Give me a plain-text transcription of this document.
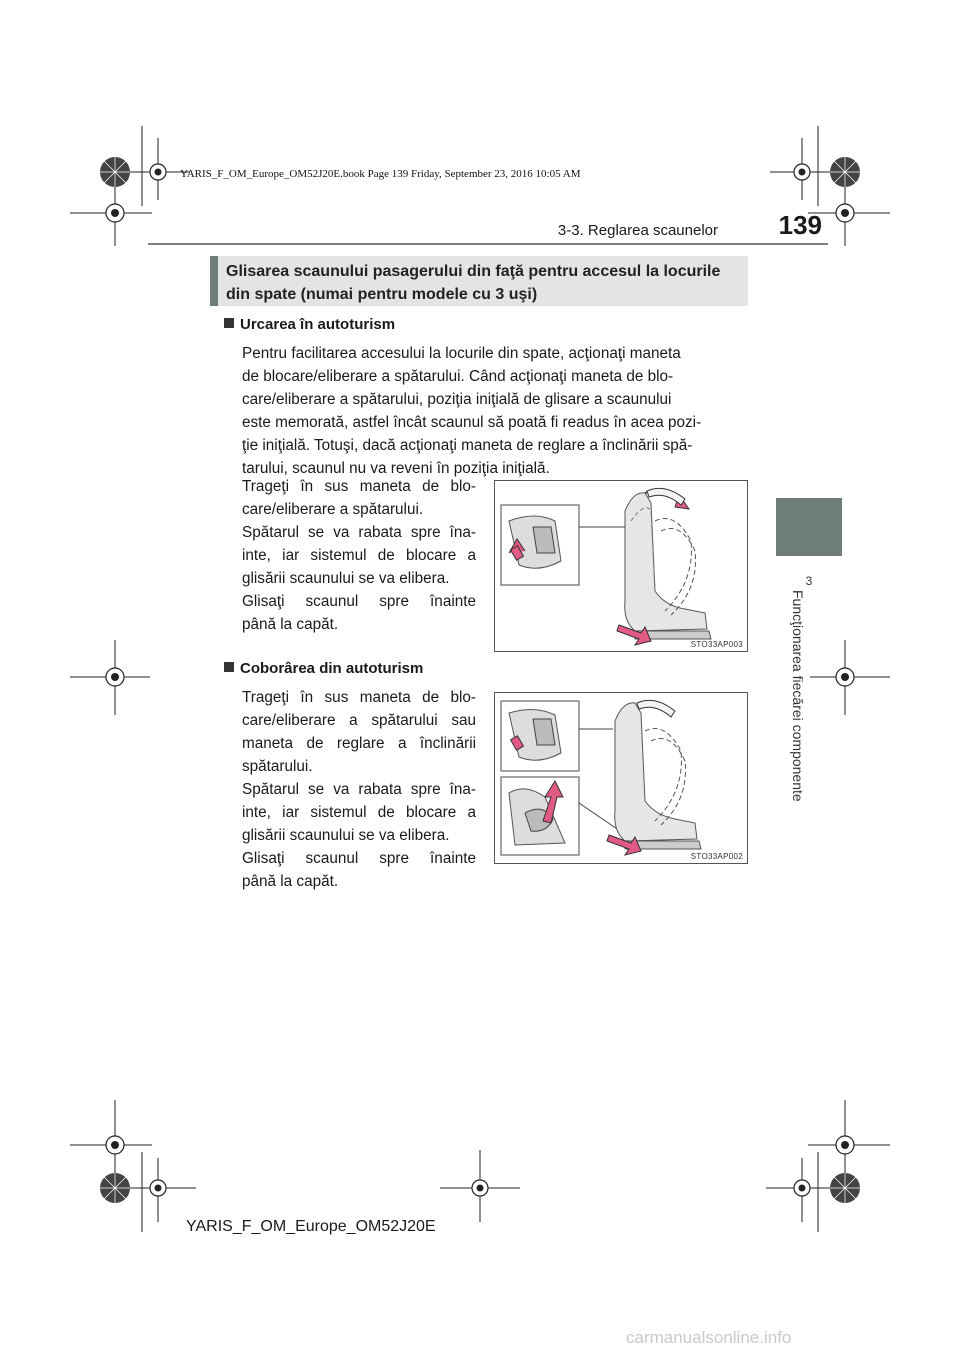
YARIS_F_OM_Europe_OM52J20E.book Page 139 Friday, September 23, 2016 10:05 AM
3-3. Reglarea scaunelor	139
3
Funcţionarea fiecărei componente
Glisarea scaunului pasagerului din faţă pentru accesul la locurile
din spate (numai pentru modele cu 3 uşi)
Urcarea în autoturism
Pentru facilitarea accesului la locurile din spate, acţionaţi maneta
de blocare/eliberare a spătarului. Când acţionaţi maneta de blo-
care/eliberare a spătarului, poziţia iniţială de glisare a scaunului
este memorată, astfel încât scaunul să poată fi readus în acea pozi-
ţie iniţială. Totuşi, dacă acţionaţi maneta de reglare a înclinării spă-
tarului, scaunul nu va reveni în poziţia iniţială.
Trageţi în sus maneta de blo-
care/eliberare a spătarului.
Spătarul se va rabata spre îna-
inte, iar sistemul de blocare a
glisării scaunului se va elibera.
Glisaţi scaunul spre înainte
până la capăt.
STO33AP003
Coborârea din autoturism
Trageţi în sus maneta de blo-
care/eliberare a spătarului sau
maneta de reglare a înclinării
spătarului.
Spătarul se va rabata spre îna-
inte, iar sistemul de blocare a
glisării scaunului se va elibera.
Glisaţi scaunul spre înainte
până la capăt.
STO33AP002
YARIS_F_OM_Europe_OM52J20E
carmanualsonline.info
